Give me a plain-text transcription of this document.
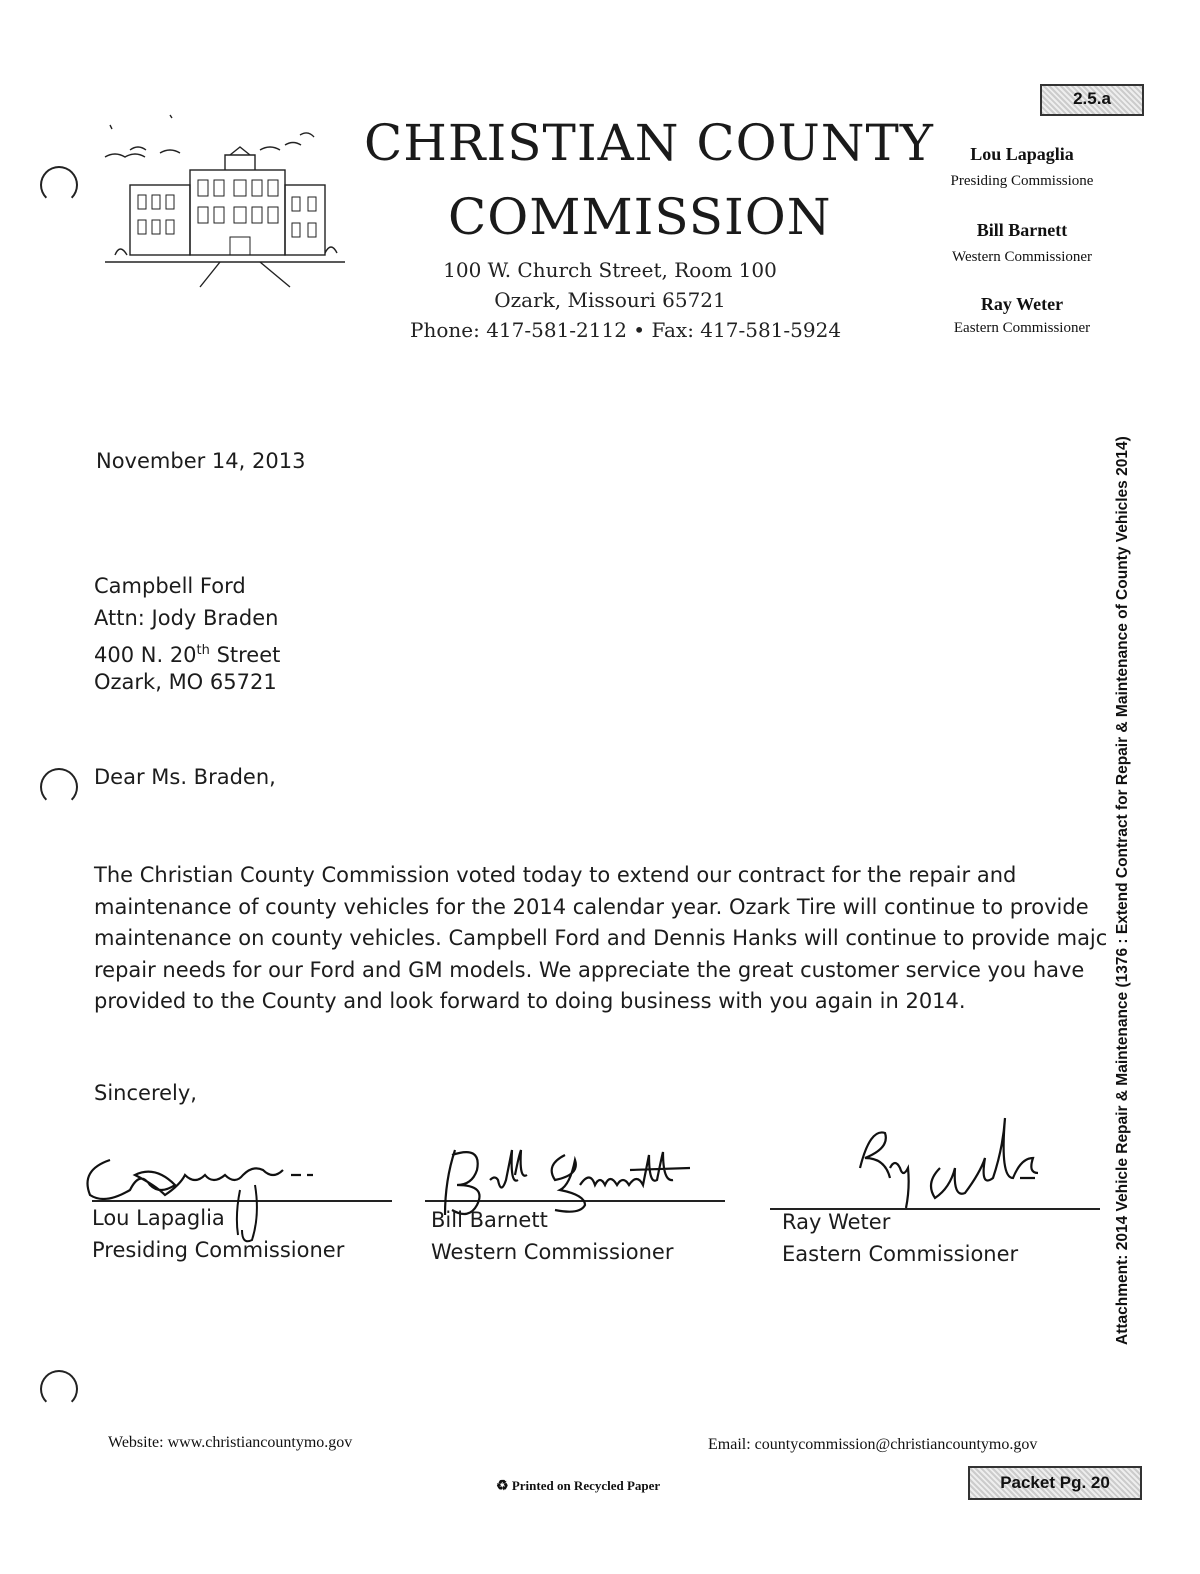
2.5.a
CHRISTIAN COUNTY
COMMISSION
100 W. Church Street, Room 100
Ozark, Missouri 65721
Phone: 417-581-2112 • Fax: 417-581-5924
Lou Lapaglia
Presiding Commissione
Bill Barnett
Western Commissioner
Ray Weter
Eastern Commissioner
November 14, 2013
Campbell Ford
Attn: Jody Braden
400 N. 20th Street
Ozark, MO 65721
Dear Ms. Braden,
The Christian County Commission voted today to extend our contract for the repair and
maintenance of county vehicles for the 2014 calendar year. Ozark Tire will continue to provide
maintenance on county vehicles. Campbell Ford and Dennis Hanks will continue to provide majc
repair needs for our Ford and GM models. We appreciate the great customer service you have
provided to the County and look forward to doing business with you again in 2014.
Sincerely,
Lou Lapaglia
Presiding Commissioner
Bill Barnett
Western Commissioner
Ray Weter
Eastern Commissioner	Attachment: 2014 Vehicle Repair & Maintenance (1376 : Extend Contract for Repair & Maintenance of County Vehicles 2014)
Website: www.christiancountymo.gov	Email: countycommission@christiancountymo.gov
♻ Printed on Recycled Paper	Packet Pg. 20
